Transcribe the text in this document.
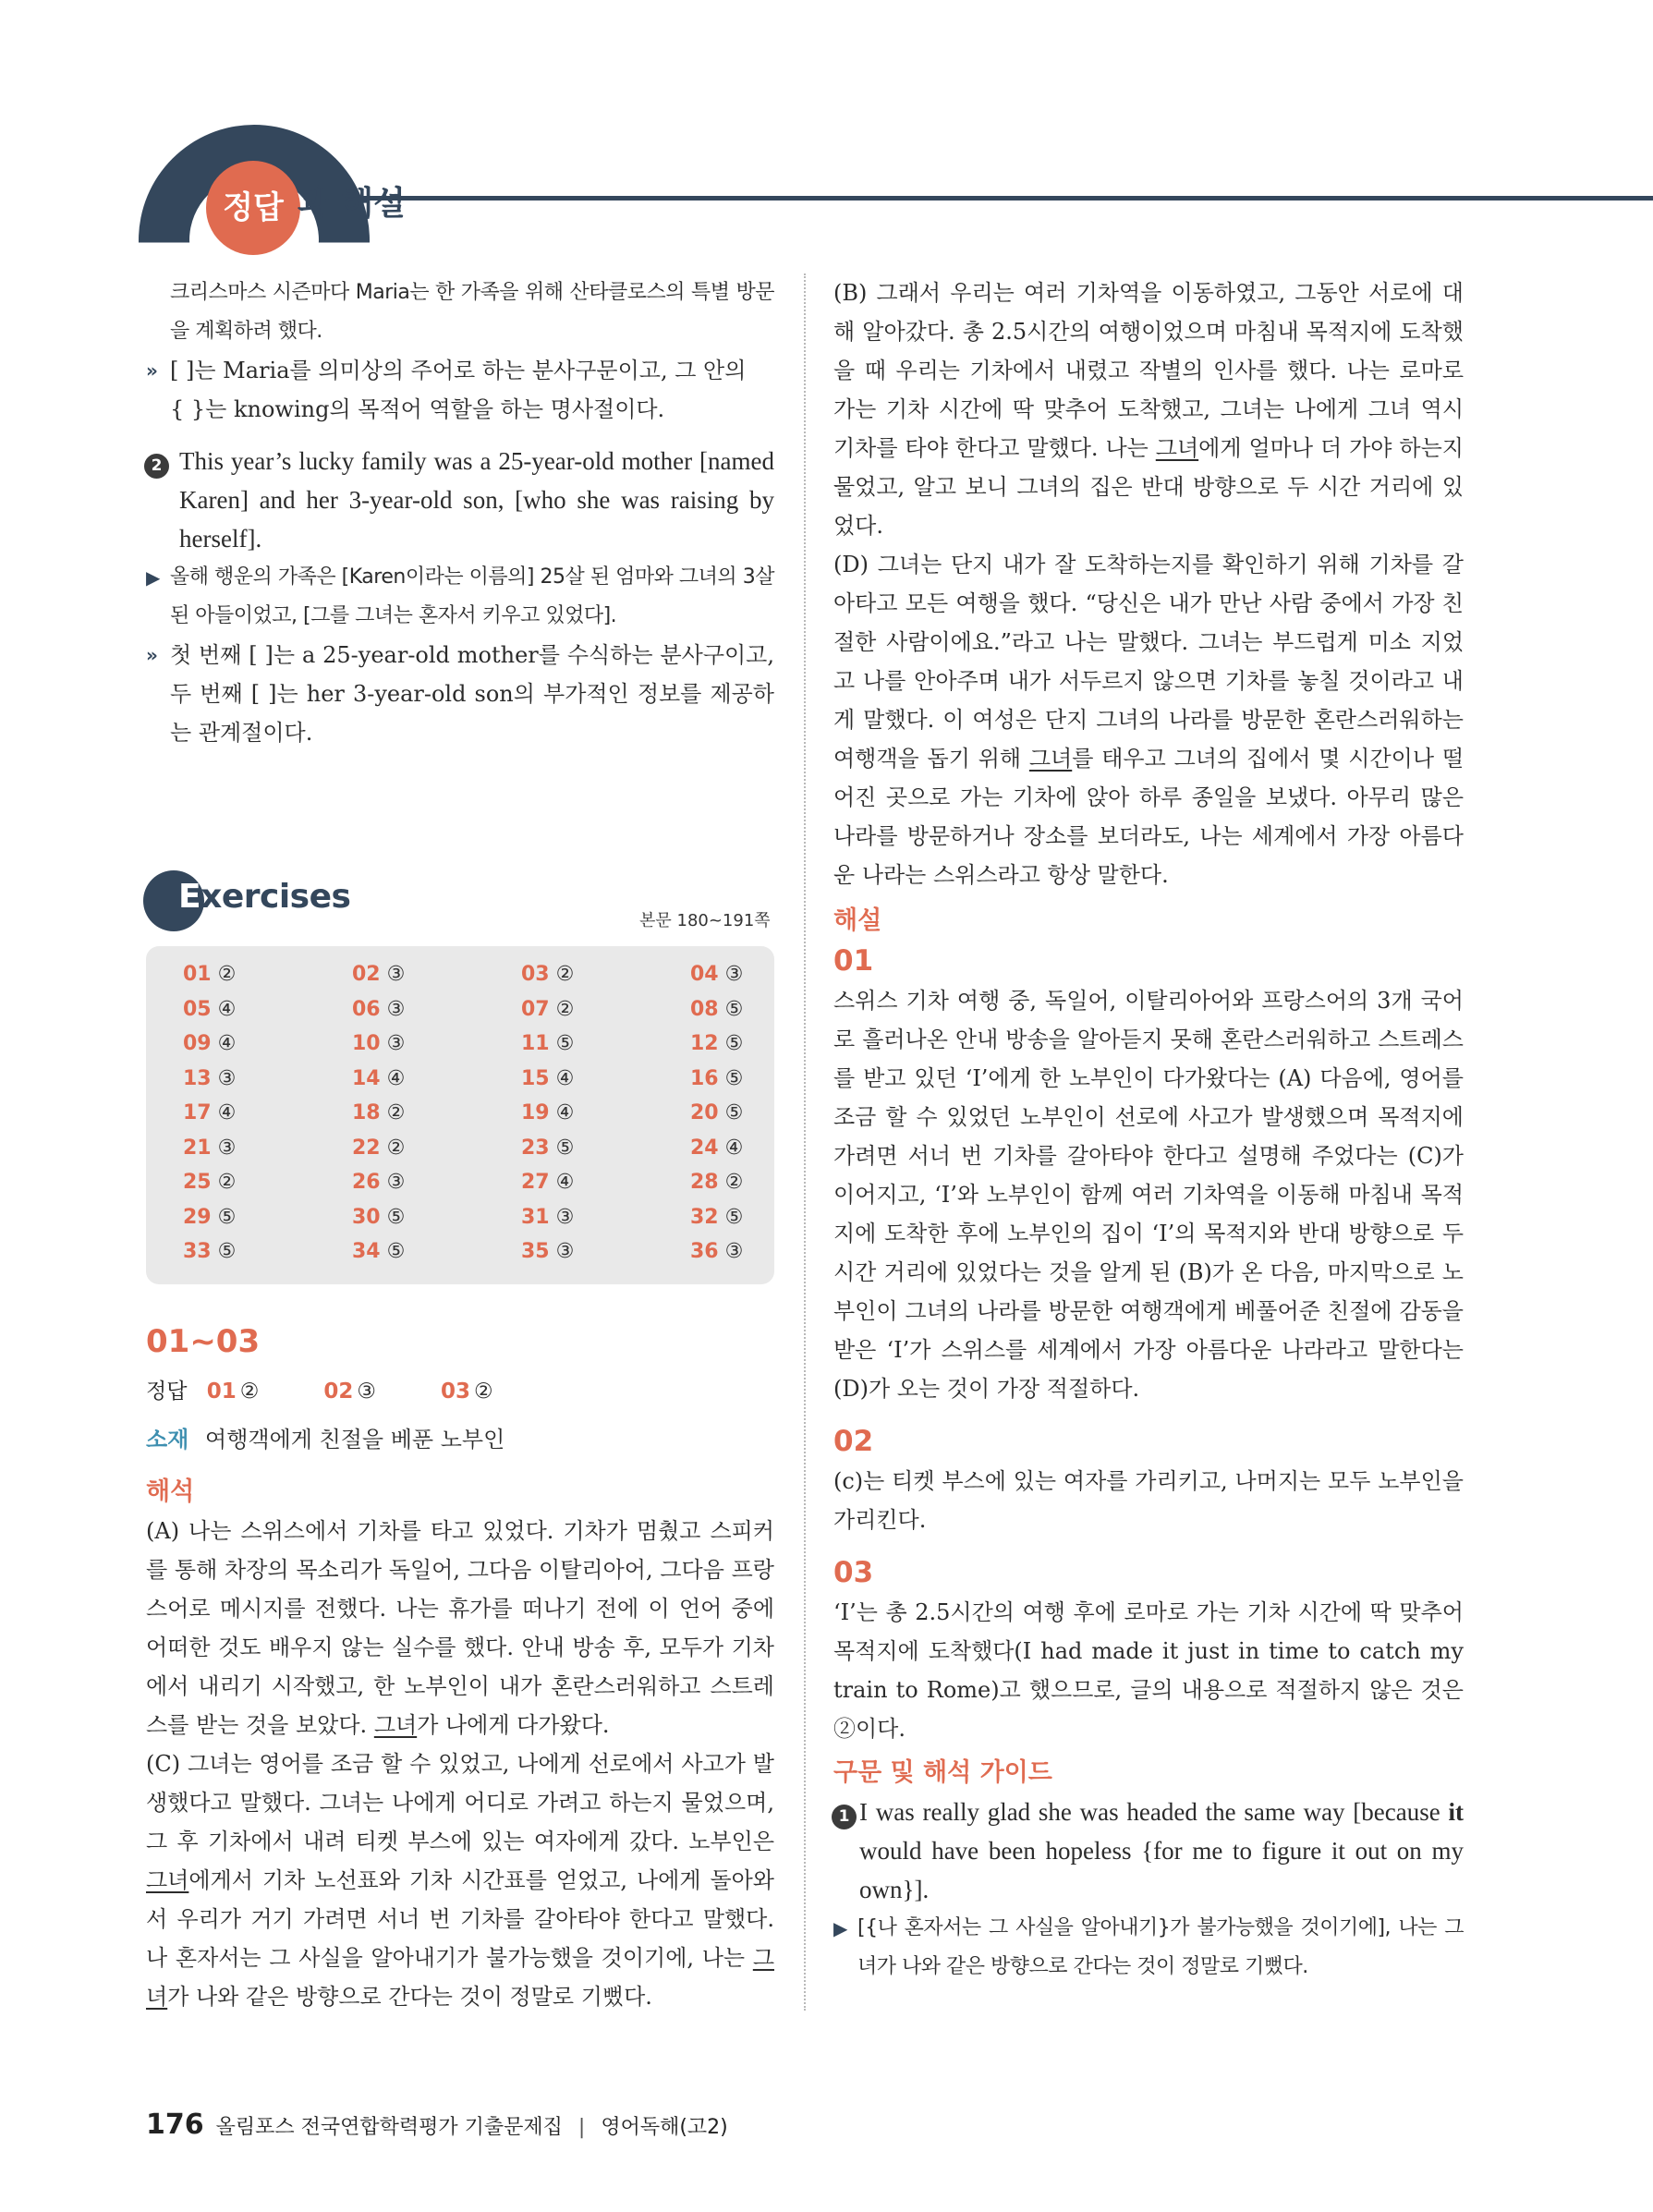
정답 과 해설

크리스마스 시즌마다 Maria는 한 가족을 위해 산타클로스의 특별 방문을 계획하려 했다.

» [ ]는 Maria를 의미상의 주어로 하는 분사구문이고, 그 안의

{ }는 knowing의 목적어 역할을 하는 명사절이다.

2 This year’s lucky family was a 25-year-old mother [named Karen] and her 3-year-old son, [who she was raising by herself].

▶ 올해 행운의 가족은 [Karen이라는 이름의] 25살 된 엄마와 그녀의 3살 된 아들이었고, [그를 그녀는 혼자서 키우고 있었다].

» 첫 번째 [ ]는 a 25-year-old mother를 수식하는 분사구이고, 두 번째 [ ]는 her 3-year-old son의 부가적인 정보를 제공하는 관계절이다.

Exercises
본문 180~191쪽
01 ②	02 ③	03 ②	04 ③
05 ④	06 ③	07 ②	08 ⑤
09 ④	10 ③	11 ⑤	12 ⑤
13 ③	14 ④	15 ④	16 ⑤
17 ④	18 ②	19 ④	20 ⑤
21 ③	22 ②	23 ⑤	24 ④
25 ②	26 ③	27 ④	28 ②
29 ⑤	30 ⑤	31 ③	32 ⑤
33 ⑤	34 ⑤	35 ③	36 ③
01~03
정답 01 ②	02 ③	03 ②
소재 여행객에게 친절을 베푼 노부인

해석

(A) 나는 스위스에서 기차를 타고 있었다. 기차가 멈췄고 스피커를 통해 차장의 목소리가 독일어, 그다음 이탈리아어, 그다음 프랑스어로 메시지를 전했다. 나는 휴가를 떠나기 전에 이 언어 중에 어떠한 것도 배우지 않는 실수를 했다. 안내 방송 후, 모두가 기차에서 내리기 시작했고, 한 노부인이 내가 혼란스러워하고 스트레스를 받는 것을 보았다. 그녀가 나에게 다가왔다.

(C) 그녀는 영어를 조금 할 수 있었고, 나에게 선로에서 사고가 발생했다고 말했다. 그녀는 나에게 어디로 가려고 하는지 물었으며, 그 후 기차에서 내려 티켓 부스에 있는 여자에게 갔다. 노부인은 그녀에게서 기차 노선표와 기차 시간표를 얻었고, 나에게 돌아와서 우리가 거기 가려면 서너 번 기차를 갈아타야 한다고 말했다. 나 혼자서는 그 사실을 알아내기가 불가능했을 것이기에, 나는 그녀가 나와 같은 방향으로 간다는 것이 정말로 기뻤다.

(B) 그래서 우리는 여러 기차역을 이동하였고, 그동안 서로에 대해 알아갔다. 총 2.5시간의 여행이었으며 마침내 목적지에 도착했을 때 우리는 기차에서 내렸고 작별의 인사를 했다. 나는 로마로 가는 기차 시간에 딱 맞추어 도착했고, 그녀는 나에게 그녀 역시 기차를 타야 한다고 말했다. 나는 그녀에게 얼마나 더 가야 하는지 물었고, 알고 보니 그녀의 집은 반대 방향으로 두 시간 거리에 있었다.

(D) 그녀는 단지 내가 잘 도착하는지를 확인하기 위해 기차를 갈아타고 모든 여행을 했다. “당신은 내가 만난 사람 중에서 가장 친절한 사람이에요.”라고 나는 말했다. 그녀는 부드럽게 미소 지었고 나를 안아주며 내가 서두르지 않으면 기차를 놓칠 것이라고 내게 말했다. 이 여성은 단지 그녀의 나라를 방문한 혼란스러워하는 여행객을 돕기 위해 그녀를 태우고 그녀의 집에서 몇 시간이나 떨어진 곳으로 가는 기차에 앉아 하루 종일을 보냈다. 아무리 많은 나라를 방문하거나 장소를 보더라도, 나는 세계에서 가장 아름다운 나라는 스위스라고 항상 말한다.

해설

01

스위스 기차 여행 중, 독일어, 이탈리아어와 프랑스어의 3개 국어로 흘러나온 안내 방송을 알아듣지 못해 혼란스러워하고 스트레스를 받고 있던 ‘I’에게 한 노부인이 다가왔다는 (A) 다음에, 영어를 조금 할 수 있었던 노부인이 선로에 사고가 발생했으며 목적지에 가려면 서너 번 기차를 갈아타야 한다고 설명해 주었다는 (C)가 이어지고, ‘I’와 노부인이 함께 여러 기차역을 이동해 마침내 목적지에 도착한 후에 노부인의 집이 ‘I’의 목적지와 반대 방향으로 두 시간 거리에 있었다는 것을 알게 된 (B)가 온 다음, 마지막으로 노부인이 그녀의 나라를 방문한 여행객에게 베풀어준 친절에 감동을 받은 ‘I’가 스위스를 세계에서 가장 아름다운 나라라고 말한다는 (D)가 오는 것이 가장 적절하다.

02

(c)는 티켓 부스에 있는 여자를 가리키고, 나머지는 모두 노부인을 가리킨다.

03

‘I’는 총 2.5시간의 여행 후에 로마로 가는 기차 시간에 딱 맞추어 목적지에 도착했다(I had made it just in time to catch my train to Rome)고 했으므로, 글의 내용으로 적절하지 않은 것은 ②이다.

구문 및 해석 가이드

1 I was really glad she was headed the same way [because it would have been hopeless {for me to figure it out on my own}].

▶ [{나 혼자서는 그 사실을 알아내기}가 불가능했을 것이기에], 나는 그녀가 나와 같은 방향으로 간다는 것이 정말로 기뻤다.

176 올림포스 전국연합학력평가 기출문제집 | 영어독해(고2)
